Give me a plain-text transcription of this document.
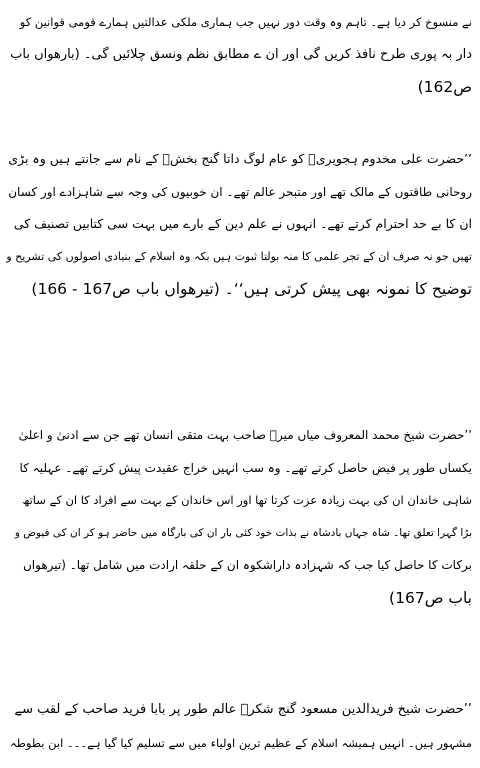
نے منسوخ کر دیا ہے۔ تاہم وہ وقت دور نہیں جب ہماری ملکی عدالتیں ہمارے قومی قوانین کو
دار بہ پوری طرح نافذ کریں گی اور ان ے مطابق نظم ونسق چلائیں گی۔ (بارھواں باب
ص162)
’’حضرت علی مخدوم ہجویریؒ کو عام لوگ داتا گنج بخشؒ کے نام سے جانتے ہیں وہ بڑی
روحانی طاقتوں کے مالک تھے اور متبحر عالم تھے۔ ان خوبیوں کی وجہ سے شاہزادے اور کسان
ان کا بے حد احترام کرتے تھے۔ انہوں نے علم دین کے بارے میں بہت سی کتابیں تصنیف کی
تھیں جو نہ صرف ان کے تجر علمی کا منہ بولتا ثبوت ہیں بکہ وہ اسلام کے بنیادی اصولوں کی تشریح و
توضیح کا نمونہ بھی پیش کرتی ہیں‘‘۔ (تیرھواں باب ص167 - 166)
’’حضرت شیخ محمد المعروف میاں میرؒ صاحب بہت متقی انسان تھے جن سے ادنیٰ و اعلیٰ
یکساں طور پر فیض حاصل کرتے تھے۔ وہ سب انہیں خراج عقیدت پیش کرتے تھے۔ عہلیہ کا
شاہی خاندان ان کی بہت زیادہ عزت کرتا تھا اور اس خاندان کے بہت سے افراد کا ان کے ساتھ
بڑا گہرا تعلق تھا۔ شاہ جہاں بادشاہ نے بذات خود کئی بار ان کی بارگاہ میں حاضر ہو کر ان کی فیوض و
برکات کا حاصل کیا جب کہ شہزادہ داراشکوہ ان کے حلقہ ارادت میں شامل تھا۔ (تیرھواں
باب ص167)
’’حضرت شیخ فریدالدین مسعود گنج شکرؒ عالم طور پر بابا فرید صاحب کے لقب سے
مشہور ہیں۔ انہیں ہمیشہ اسلام کے عظیم ترین اولیاء میں سے تسلیم کیا گیا ہے۔۔۔ ابن بطوطہ
